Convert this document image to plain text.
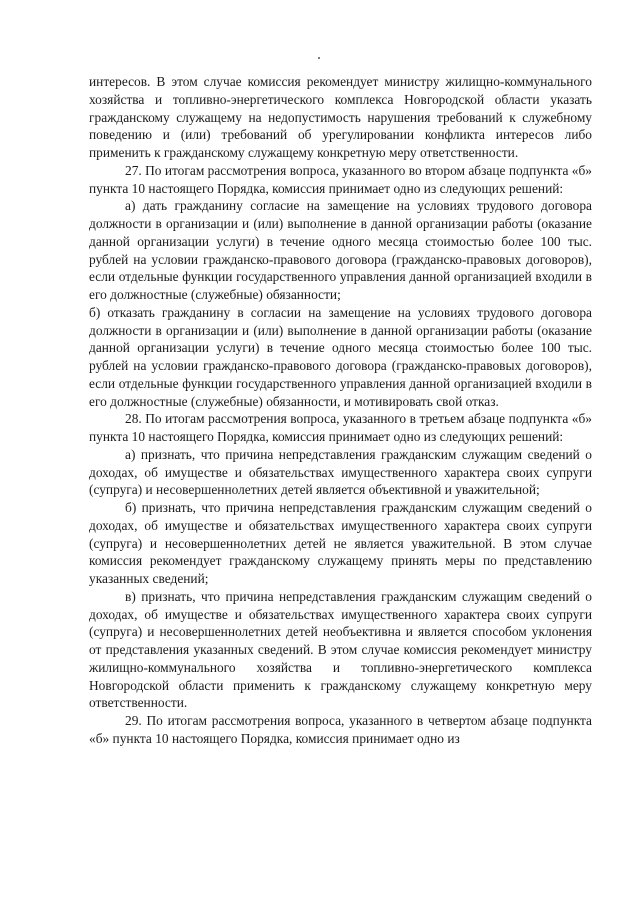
интересов. В этом случае комиссия рекомендует министру жилищно-коммунального хозяйства и топливно-энергетического комплекса Новгородской области указать гражданскому служащему на недопустимость нарушения требований к служебному поведению и (или) требований об урегулировании конфликта интересов либо применить к гражданскому служащему конкретную меру ответственности.

27. По итогам рассмотрения вопроса, указанного во втором абзаце подпункта «б» пункта 10 настоящего Порядка, комиссия принимает одно из следующих решений:

а) дать гражданину согласие на замещение на условиях трудового договора должности в организации и (или) выполнение в данной организации работы (оказание данной организации услуги) в течение одного месяца стоимостью более 100 тыс. рублей на условии гражданско-правового договора (гражданско-правовых договоров), если отдельные функции государственного управления данной организацией входили в его должностные (служебные) обязанности;

б) отказать гражданину в согласии на замещение на условиях трудового договора должности в организации и (или) выполнение в данной организации работы (оказание данной организации услуги) в течение одного месяца стоимостью более 100 тыс. рублей на условии гражданско-правового договора (гражданско-правовых договоров), если отдельные функции государственного управления данной организацией входили в его должностные (служебные) обязанности, и мотивировать свой отказ.

28. По итогам рассмотрения вопроса, указанного в третьем абзаце подпункта «б» пункта 10 настоящего Порядка, комиссия принимает одно из следующих решений:

а) признать, что причина непредставления гражданским служащим сведений о доходах, об имуществе и обязательствах имущественного характера своих супруги (супруга) и несовершеннолетних детей является объективной и уважительной;

б) признать, что причина непредставления гражданским служащим сведений о доходах, об имуществе и обязательствах имущественного характера своих супруги (супруга) и несовершеннолетних детей не является уважительной. В этом случае комиссия рекомендует гражданскому служащему принять меры по представлению указанных сведений;

в) признать, что причина непредставления гражданским служащим сведений о доходах, об имуществе и обязательствах имущественного характера своих супруги (супруга) и несовершеннолетних детей необъективна и является способом уклонения от представления указанных сведений. В этом случае комиссия рекомендует министру жилищно-коммунального хозяйства и топливно-энергетического комплекса Новгородской области применить к гражданскому служащему конкретную меру ответственности.

29. По итогам рассмотрения вопроса, указанного в четвертом абзаце подпункта «б» пункта 10 настоящего Порядка, комиссия принимает одно из
